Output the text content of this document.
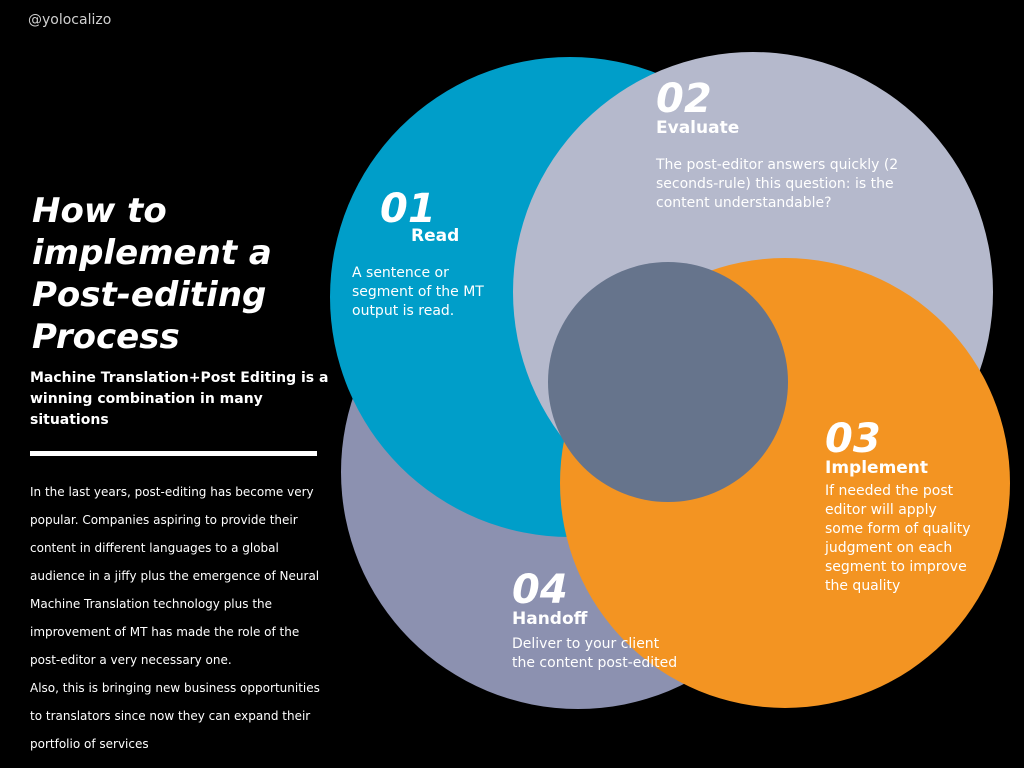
@yolocalizo
How to implement a Post-editing Process
Machine Translation+Post Editing is a winning combination in many situations

In the last years, post-editing has become very popular. Companies aspiring to provide their content in different languages to a global audience in a jiffy plus the emergence of Neural Machine Translation technology plus the improvement of MT has made the role of the post-editor a very necessary one.

Also, this is bringing new business opportunities to translators since now they can expand their portfolio of services

01
Read
A sentence or segment of the MT output is read.
02
Evaluate
The post-editor answers quickly (2 seconds-rule) this question: is the content understandable?
03
Implement
If needed the post editor will apply some form of quality judgment on each segment to improve the quality
04
Handoff
Deliver to your client the content post-edited
